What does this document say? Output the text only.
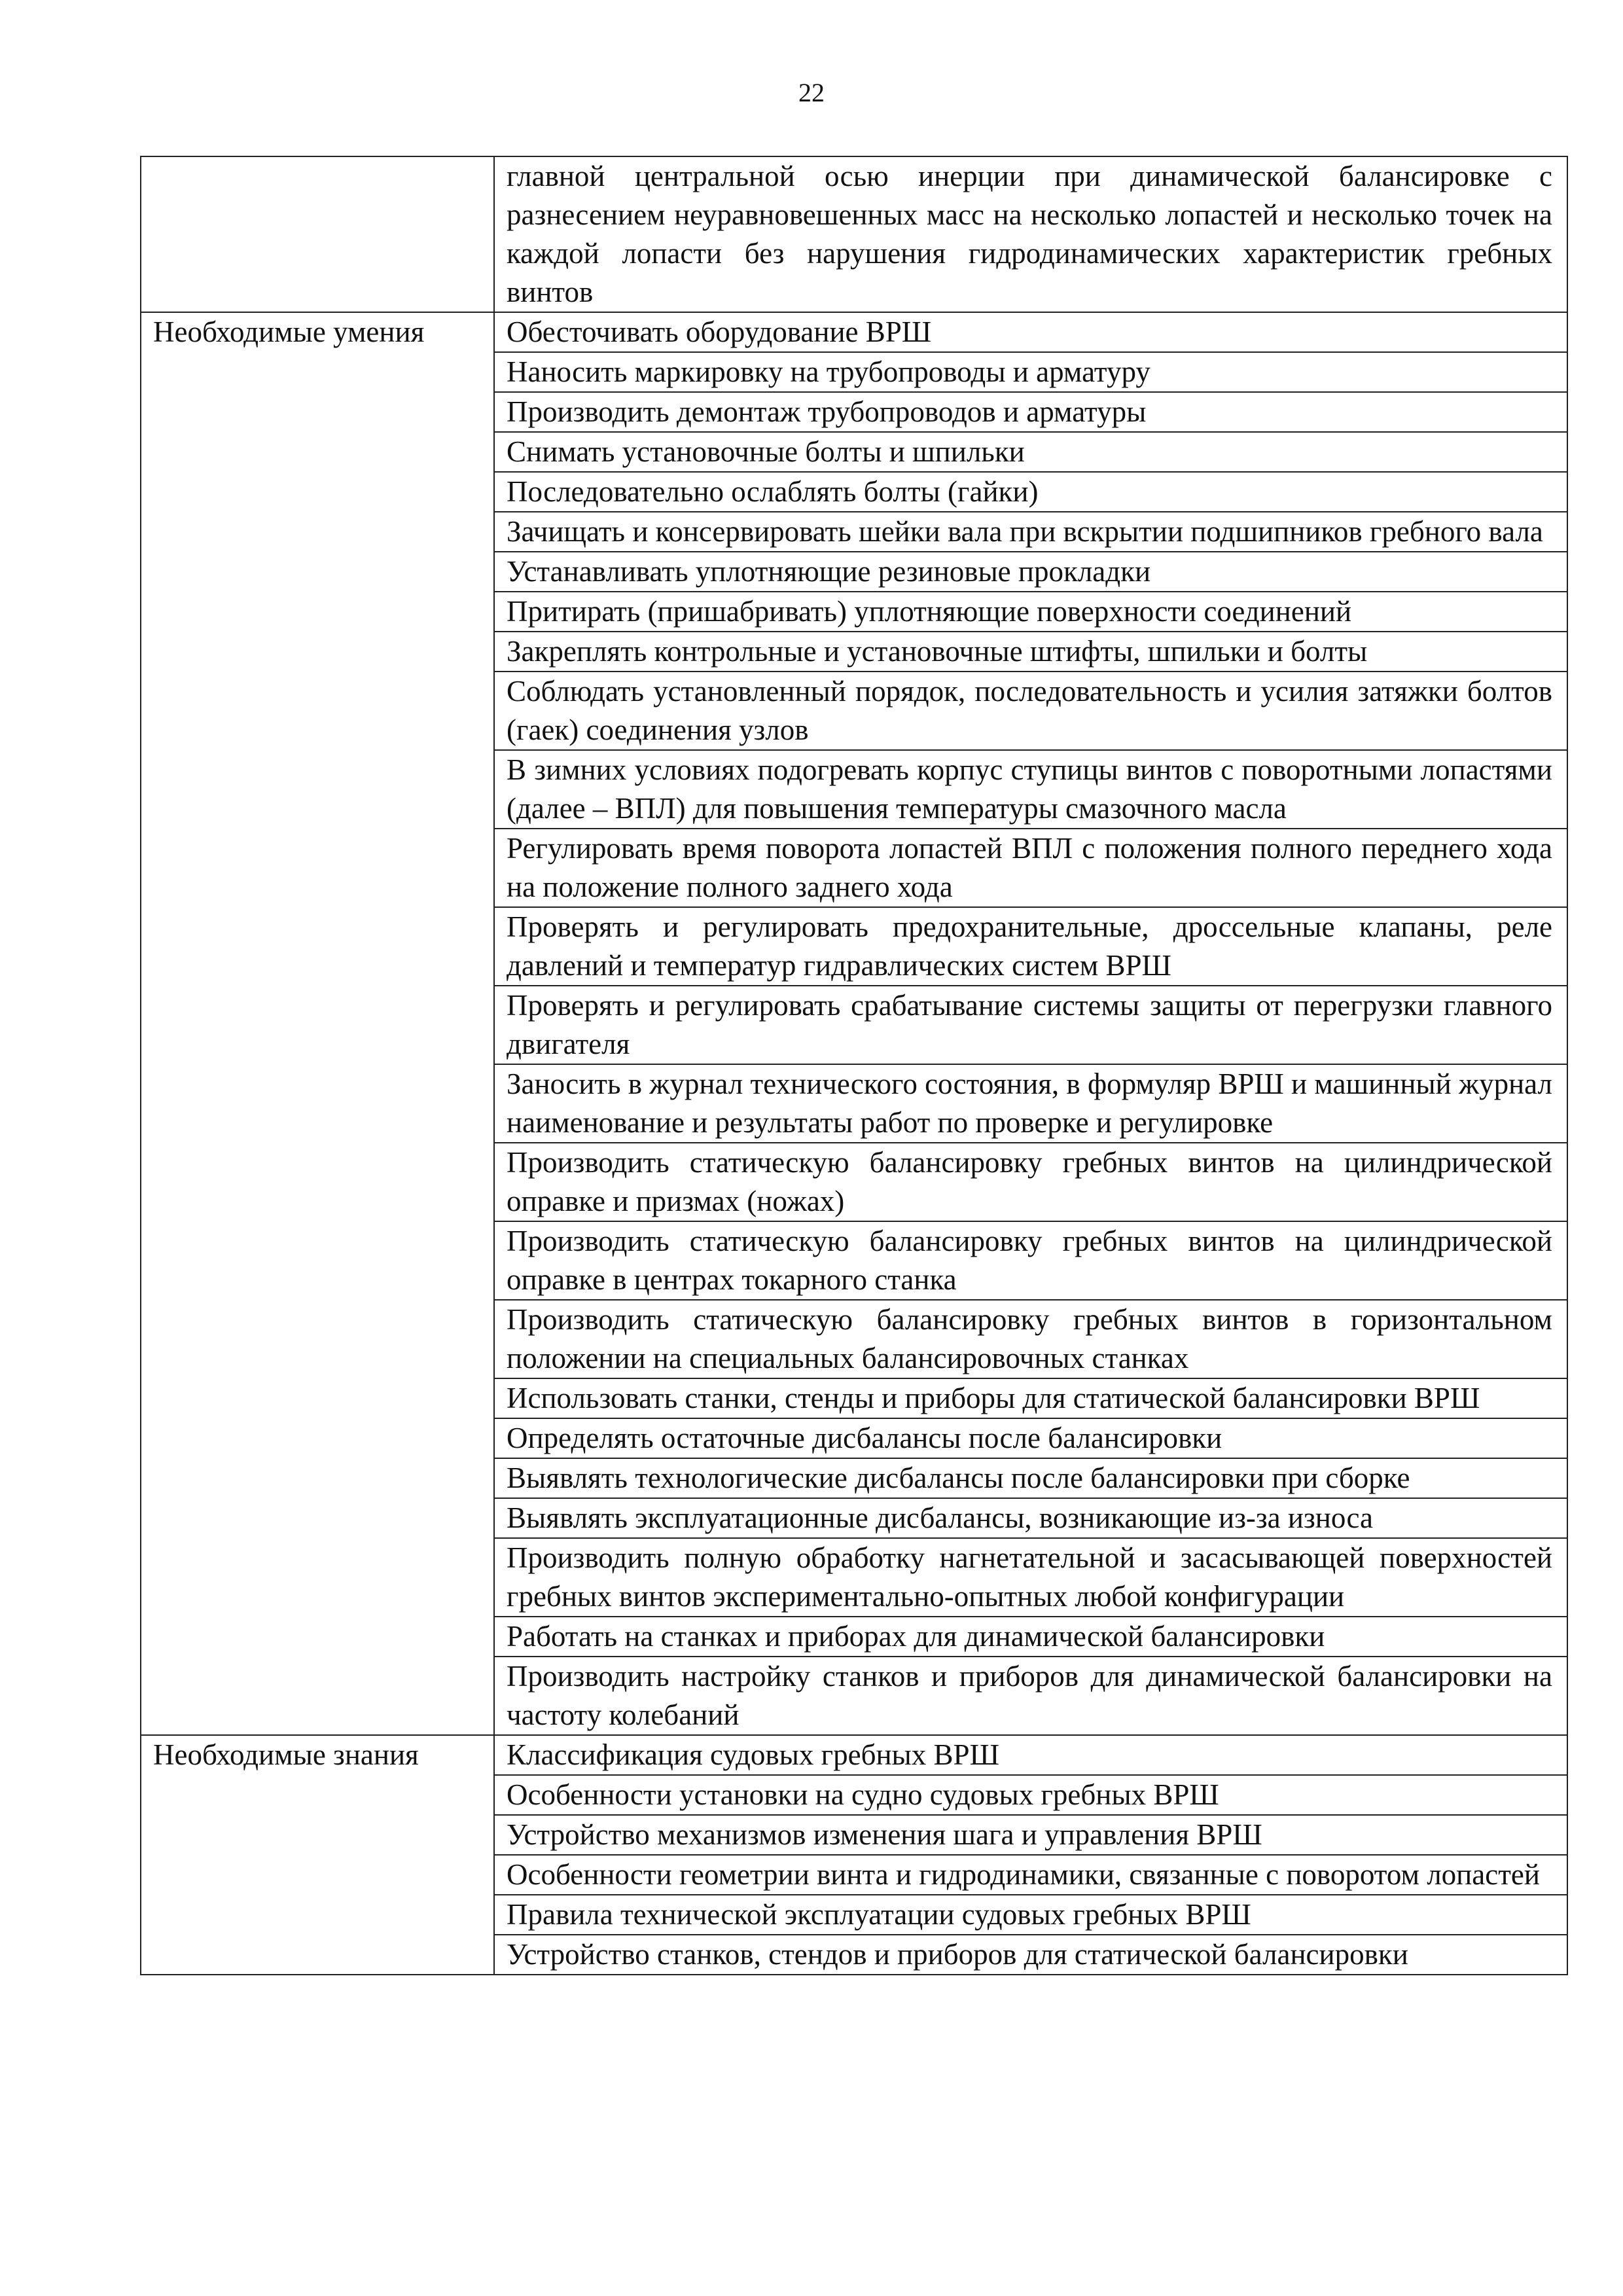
22
	главной центральной осью инерции при динамической балансировке с разнесением неуравновешенных масс на несколько лопастей и несколько точек на каждой лопасти без нарушения гидродинамических характеристик гребных винтов
Необходимые умения	Обесточивать оборудование ВРШ
	Наносить маркировку на трубопроводы и арматуру
	Производить демонтаж трубопроводов и арматуры
	Снимать установочные болты и шпильки
	Последовательно ослаблять болты (гайки)
	Зачищать и консервировать шейки вала при вскрытии подшипников гребного вала
	Устанавливать уплотняющие резиновые прокладки
	Притирать (пришабривать) уплотняющие поверхности соединений
	Закреплять контрольные и установочные штифты, шпильки и болты
	Соблюдать установленный порядок, последовательность и усилия затяжки болтов (гаек) соединения узлов
	В зимних условиях подогревать корпус ступицы винтов с поворотными лопастями (далее – ВПЛ) для повышения температуры смазочного масла
	Регулировать время поворота лопастей ВПЛ с положения полного переднего хода на положение полного заднего хода
	Проверять и регулировать предохранительные, дроссельные клапаны, реле давлений и температур гидравлических систем ВРШ
	Проверять и регулировать срабатывание системы защиты от перегрузки главного двигателя
	Заносить в журнал технического состояния, в формуляр ВРШ и машинный журнал наименование и результаты работ по проверке и регулировке
	Производить статическую балансировку гребных винтов на цилиндрической оправке и призмах (ножах)
	Производить статическую балансировку гребных винтов на цилиндрической оправке в центрах токарного станка
	Производить статическую балансировку гребных винтов в горизонтальном положении на специальных балансировочных станках
	Использовать станки, стенды и приборы для статической балансировки ВРШ
	Определять остаточные дисбалансы после балансировки
	Выявлять технологические дисбалансы после балансировки при сборке
	Выявлять эксплуатационные дисбалансы, возникающие из-за износа
	Производить полную обработку нагнетательной и засасывающей поверхностей гребных винтов экспериментально-опытных любой конфигурации
	Работать на станках и приборах для динамической балансировки
	Производить настройку станков и приборов для динамической балансировки на частоту колебаний
Необходимые знания	Классификация судовых гребных ВРШ
	Особенности установки на судно судовых гребных ВРШ
	Устройство механизмов изменения шага и управления ВРШ
	Особенности геометрии винта и гидродинамики, связанные с поворотом лопастей
	Правила технической эксплуатации судовых гребных ВРШ
	Устройство станков, стендов и приборов для статической балансировки
